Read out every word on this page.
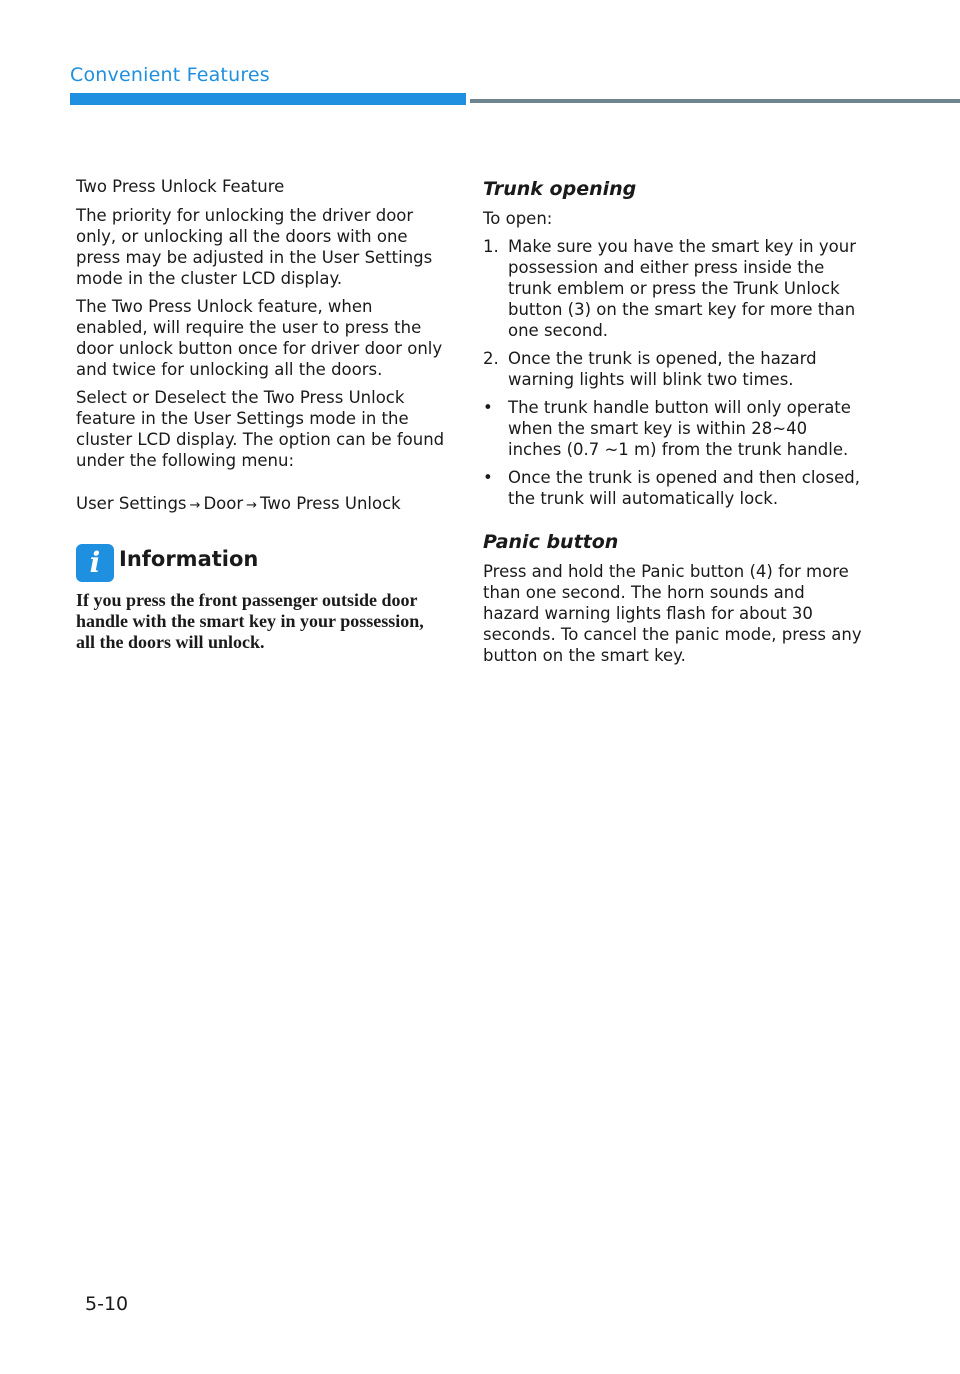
Convenient Features

Two Press Unlock Feature

The priority for unlocking the driver door only, or unlocking all the doors with one press may be adjusted in the User Settings mode in the cluster LCD display.

The Two Press Unlock feature, when enabled, will require the user to press the door unlock button once for driver door only and twice for unlocking all the doors.

Select or Deselect the Two Press Unlock feature in the User Settings mode in the cluster LCD display. The option can be found under the following menu:

User Settings → Door → Two Press Unlock

i Information

If you press the front passenger outside door handle with the smart key in your possession, all the doors will unlock.

Trunk opening

To open:

1. Make sure you have the smart key in your possession and either press inside the trunk emblem or press the Trunk Unlock button (3) on the smart key for more than one second.
2. Once the trunk is opened, the hazard warning lights will blink two times.
• The trunk handle button will only operate when the smart key is within 28~40 inches (0.7 ~1 m) from the trunk handle.
• Once the trunk is opened and then closed, the trunk will automatically lock.
Panic button

Press and hold the Panic button (4) for more than one second. The horn sounds and hazard warning lights flash for about 30 seconds. To cancel the panic mode, press any button on the smart key.

5-10
